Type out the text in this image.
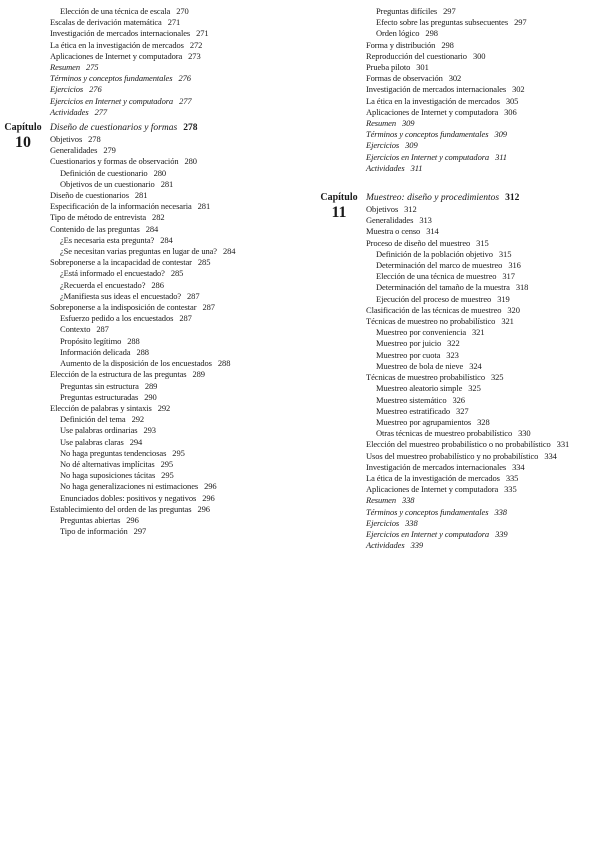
Elección de una técnica de escala 270

Escalas de derivación matemática 271

Investigación de mercados internacionales 271

La ética en la investigación de mercados 272

Aplicaciones de Internet y computadora 273

Resumen 275

Términos y conceptos fundamentales 276

Ejercicios 276

Ejercicios en Internet y computadora 277

Actividades 277

Capítulo
10

Diseño de cuestionarios y formas 278

Objetivos 278

Generalidades 279

Cuestionarios y formas de observación 280

Definición de cuestionario 280

Objetivos de un cuestionario 281

Diseño de cuestionarios 281

Especificación de la información necesaria 281

Tipo de método de entrevista 282

Contenido de las preguntas 284

¿Es necesaria esta pregunta? 284

¿Se necesitan varias preguntas en lugar de una? 284

Sobreponerse a la incapacidad de contestar 285

¿Está informado el encuestado? 285

¿Recuerda el encuestado? 286

¿Manifiesta sus ideas el encuestado? 287

Sobreponerse a la indisposición de contestar 287

Esfuerzo pedido a los encuestados 287

Contexto 287

Propósito legítimo 288

Información delicada 288

Aumento de la disposición de los encuestados 288

Elección de la estructura de las preguntas 289

Preguntas sin estructura 289

Preguntas estructuradas 290

Elección de palabras y sintaxis 292

Definición del tema 292

Use palabras ordinarias 293

Use palabras claras 294

No haga preguntas tendenciosas 295

No dé alternativas implícitas 295

No haga suposiciones tácitas 295

No haga generalizaciones ni estimaciones 296

Enunciados dobles: positivos y negativos 296

Establecimiento del orden de las preguntas 296

Preguntas abiertas 296

Tipo de información 297

Preguntas difíciles 297

Efecto sobre las preguntas subsecuentes 297

Orden lógico 298

Forma y distribución 298

Reproducción del cuestionario 300

Prueba piloto 301

Formas de observación 302

Investigación de mercados internacionales 302

La ética en la investigación de mercados 305

Aplicaciones de Internet y computadora 306

Resumen 309

Términos y conceptos fundamentales 309

Ejercicios 309

Ejercicios en Internet y computadora 311

Actividades 311

Capítulo
11

Muestreo: diseño y procedimientos 312

Objetivos 312

Generalidades 313

Muestra o censo 314

Proceso de diseño del muestreo 315

Definición de la población objetivo 315

Determinación del marco de muestreo 316

Elección de una técnica de muestreo 317

Determinación del tamaño de la muestra 318

Ejecución del proceso de muestreo 319

Clasificación de las técnicas de muestreo 320

Técnicas de muestreo no probabilístico 321

Muestreo por conveniencia 321

Muestreo por juicio 322

Muestreo por cuota 323

Muestreo de bola de nieve 324

Técnicas de muestreo probabilístico 325

Muestreo aleatorio simple 325

Muestreo sistemático 326

Muestreo estratificado 327

Muestreo por agrupamientos 328

Otras técnicas de muestreo probabilístico 330

Elección del muestreo probabilístico o no probabilístico 331

Usos del muestreo probabilístico y no probabilístico 334

Investigación de mercados internacionales 334

La ética de la investigación de mercados 335

Aplicaciones de Internet y computadora 335

Resumen 338

Términos y conceptos fundamentales 338

Ejercicios 338

Ejercicios en Internet y computadora 339

Actividades 339
